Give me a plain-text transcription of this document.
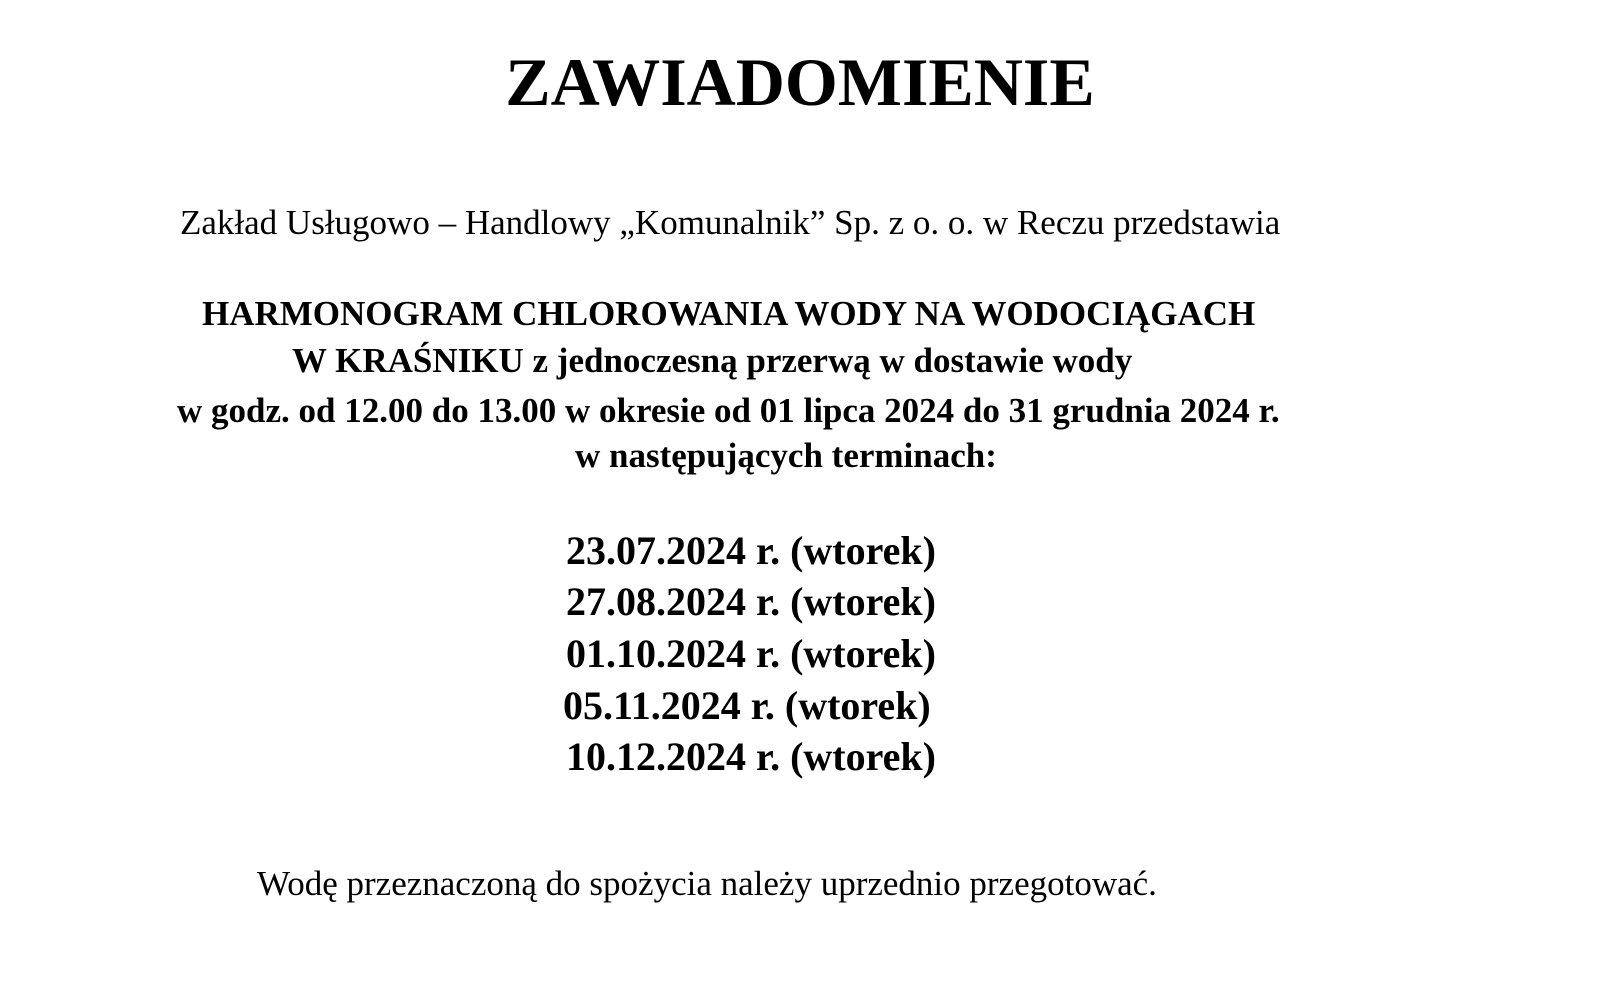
ZAWIADOMIENIE
Zakład Usługowo – Handlowy „Komunalnik” Sp. z o. o. w Reczu przedstawia
HARMONOGRAM CHLOROWANIA WODY NA WODOCIĄGACH
W KRAŚNIKU z jednoczesną przerwą w dostawie wody
w godz. od 12.00 do 13.00 w okresie od 01 lipca 2024 do 31 grudnia 2024 r.
w następujących terminach:
23.07.2024 r. (wtorek)
27.08.2024 r. (wtorek)
01.10.2024 r. (wtorek)
05.11.2024 r. (wtorek)
10.12.2024 r. (wtorek)
Wodę przeznaczoną do spożycia należy uprzednio przegotować.
